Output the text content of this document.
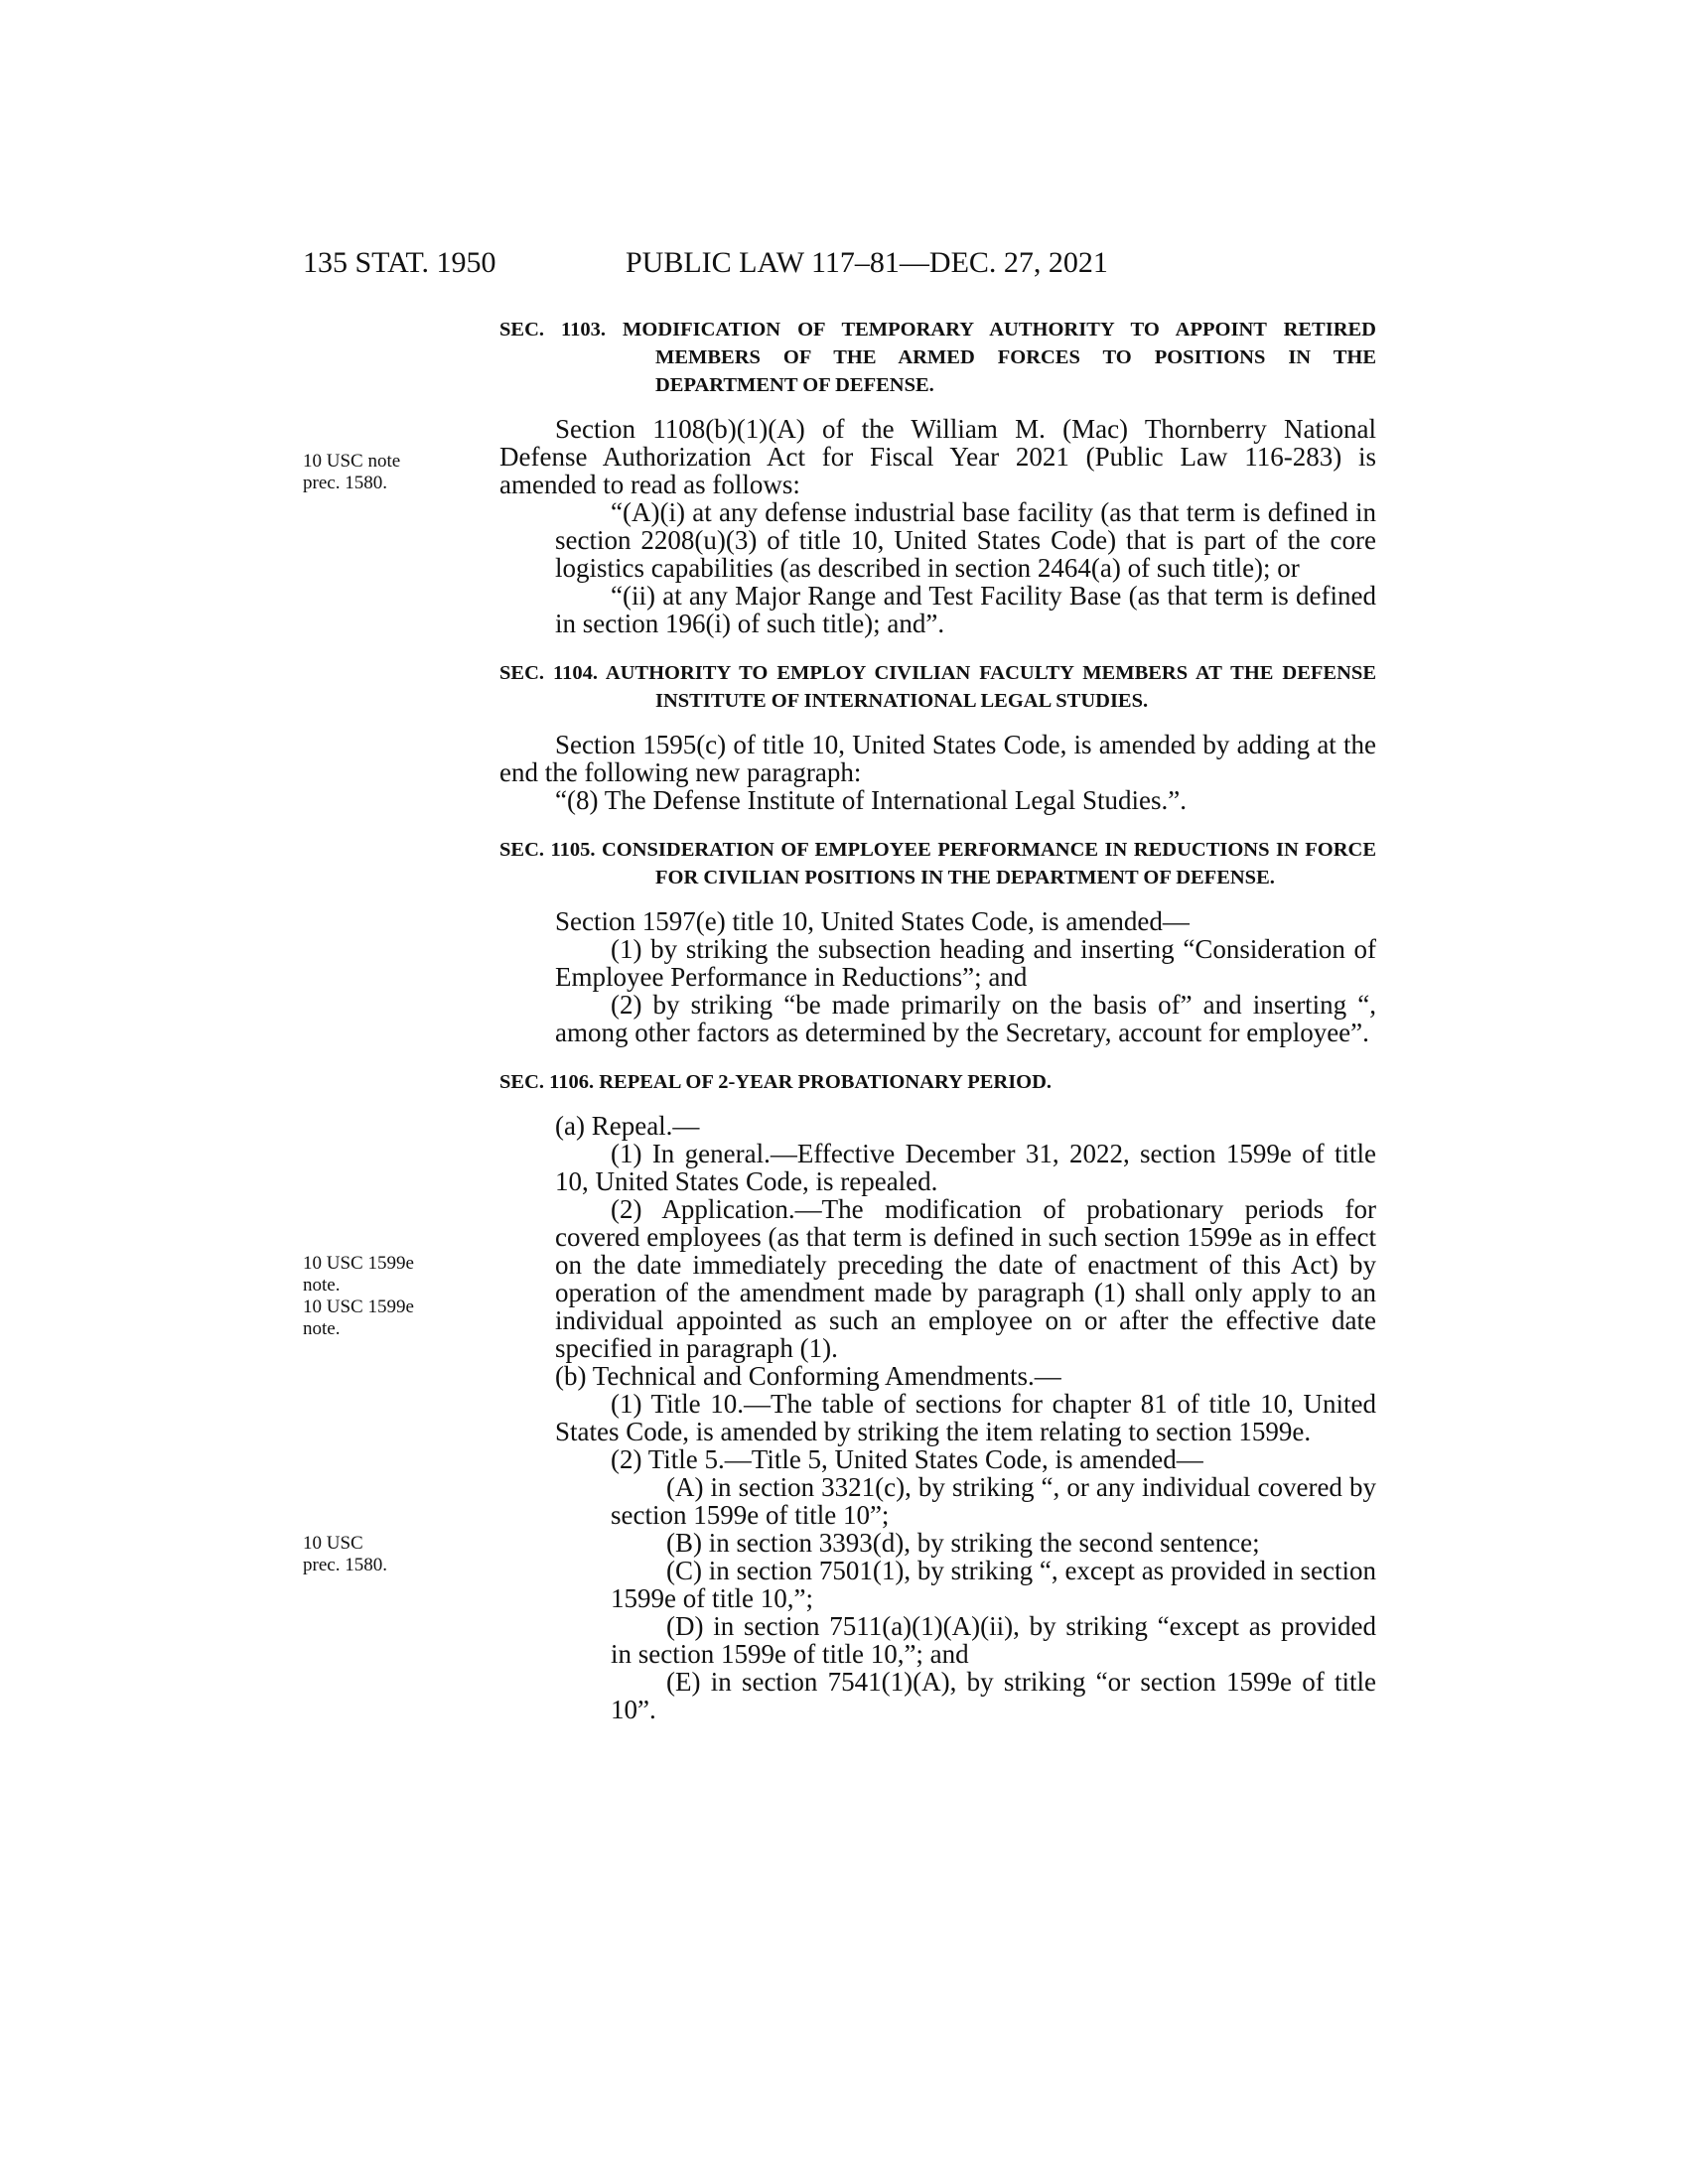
135 STAT. 1950	PUBLIC LAW 117–81—DEC. 27, 2021
10 USC note
prec. 1580.
10 USC 1599e
note.
10 USC 1599e
note.
10 USC
prec. 1580.

SEC. 1103. MODIFICATION OF TEMPORARY AUTHORITY TO APPOINT RETIRED MEMBERS OF THE ARMED FORCES TO POSITIONS IN THE DEPARTMENT OF DEFENSE.

Section 1108(b)(1)(A) of the William M. (Mac) Thornberry National Defense Authorization Act for Fiscal Year 2021 (Public Law 116-283) is amended to read as follows:

“(A)(i) at any defense industrial base facility (as that term is defined in section 2208(u)(3) of title 10, United States Code) that is part of the core logistics capabilities (as described in section 2464(a) of such title); or

“(ii) at any Major Range and Test Facility Base (as that term is defined in section 196(i) of such title); and”.

SEC. 1104. AUTHORITY TO EMPLOY CIVILIAN FACULTY MEMBERS AT THE DEFENSE INSTITUTE OF INTERNATIONAL LEGAL STUDIES.

Section 1595(c) of title 10, United States Code, is amended by adding at the end the following new paragraph:

“(8) The Defense Institute of International Legal Studies.”.

SEC. 1105. CONSIDERATION OF EMPLOYEE PERFORMANCE IN REDUCTIONS IN FORCE FOR CIVILIAN POSITIONS IN THE DEPARTMENT OF DEFENSE.

Section 1597(e) title 10, United States Code, is amended—

(1) by striking the subsection heading and inserting “Consideration of Employee Performance in Reductions”; and

(2) by striking “be made primarily on the basis of” and inserting “, among other factors as determined by the Secretary, account for employee”.

SEC. 1106. REPEAL OF 2-YEAR PROBATIONARY PERIOD.

(a) Repeal.—

(1) In general.—Effective December 31, 2022, section 1599e of title 10, United States Code, is repealed.

(2) Application.—The modification of probationary periods for covered employees (as that term is defined in such section 1599e as in effect on the date immediately preceding the date of enactment of this Act) by operation of the amendment made by paragraph (1) shall only apply to an individual appointed as such an employee on or after the effective date specified in paragraph (1).

(b) Technical and Conforming Amendments.—

(1) Title 10.—The table of sections for chapter 81 of title 10, United States Code, is amended by striking the item relating to section 1599e.

(2) Title 5.—Title 5, United States Code, is amended—

(A) in section 3321(c), by striking “, or any individual covered by section 1599e of title 10”;

(B) in section 3393(d), by striking the second sentence;

(C) in section 7501(1), by striking “, except as provided in section 1599e of title 10,”;

(D) in section 7511(a)(1)(A)(ii), by striking “except as provided in section 1599e of title 10,”; and

(E) in section 7541(1)(A), by striking “or section 1599e of title 10”.
